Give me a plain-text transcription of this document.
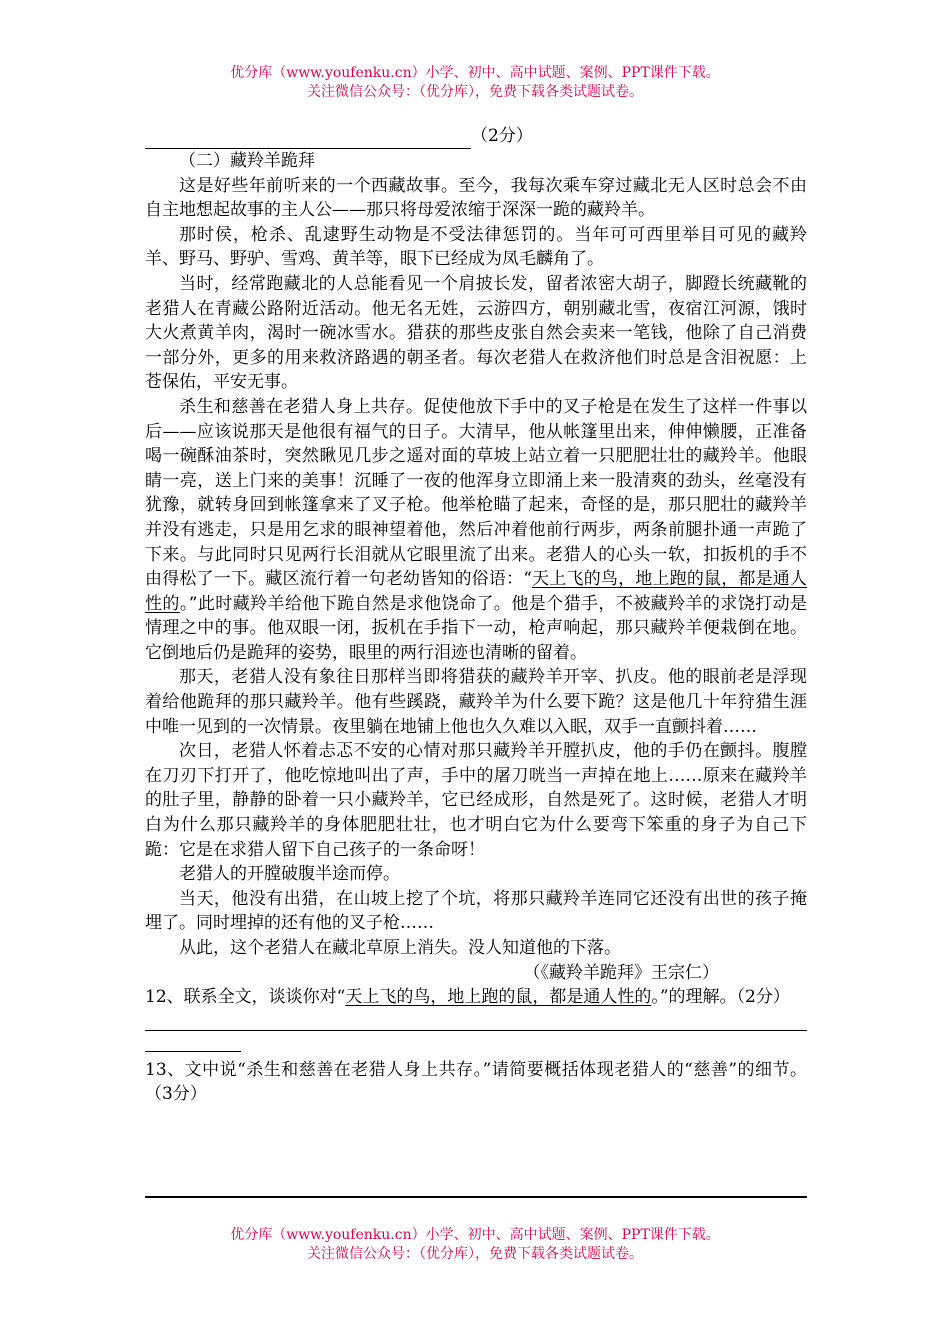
优分库（www.youfenku.cn）小学、初中、高中试题、案例、PPT课件下载。
关注微信公众号：（优分库），免费下载各类试题试卷。
（2分）

（二）藏羚羊跪拜

这是好些年前听来的一个西藏故事。至今，我每次乘车穿过藏北无人区时总会不由自主地想起故事的主人公——那只将母爱浓缩于深深一跪的藏羚羊。

那时侯，枪杀、乱逮野生动物是不受法律惩罚的。当年可可西里举目可见的藏羚羊、野马、野驴、雪鸡、黄羊等，眼下已经成为凤毛麟角了。

当时，经常跑藏北的人总能看见一个肩披长发，留者浓密大胡子，脚蹬长统藏靴的老猎人在青藏公路附近活动。他无名无姓，云游四方，朝别藏北雪，夜宿江河源，饿时大火煮黄羊肉，渴时一碗冰雪水。猎获的那些皮张自然会卖来一笔钱，他除了自己消费一部分外，更多的用来救济路遇的朝圣者。每次老猎人在救济他们时总是含泪祝愿：上苍保佑，平安无事。

杀生和慈善在老猎人身上共存。促使他放下手中的叉子枪是在发生了这样一件事以后——应该说那天是他很有福气的日子。大清早，他从帐篷里出来，伸伸懒腰，正准备喝一碗酥油茶时，突然瞅见几步之遥对面的草坡上站立着一只肥肥壮壮的藏羚羊。他眼睛一亮，送上门来的美事！沉睡了一夜的他浑身立即涌上来一股清爽的劲头，丝毫没有犹豫，就转身回到帐篷拿来了叉子枪。他举枪瞄了起来，奇怪的是，那只肥壮的藏羚羊并没有逃走，只是用乞求的眼神望着他，然后冲着他前行两步，两条前腿扑通一声跪了下来。与此同时只见两行长泪就从它眼里流了出来。老猎人的心头一软，扣扳机的手不由得松了一下。藏区流行着一句老幼皆知的俗语：“天上飞的鸟，地上跑的鼠，都是通人性的。”此时藏羚羊给他下跪自然是求他饶命了。他是个猎手，不被藏羚羊的求饶打动是情理之中的事。他双眼一闭，扳机在手指下一动，枪声响起，那只藏羚羊便栽倒在地。它倒地后仍是跪拜的姿势，眼里的两行泪迹也清晰的留着。

那天，老猎人没有象往日那样当即将猎获的藏羚羊开宰、扒皮。他的眼前老是浮现着给他跪拜的那只藏羚羊。他有些蹊跷，藏羚羊为什么要下跪？这是他几十年狩猎生涯中唯一见到的一次情景。夜里躺在地铺上他也久久难以入眠，双手一直颤抖着……

次日，老猎人怀着忐忑不安的心情对那只藏羚羊开膛扒皮，他的手仍在颤抖。腹膛在刀刃下打开了，他吃惊地叫出了声，手中的屠刀咣当一声掉在地上……原来在藏羚羊的肚子里，静静的卧着一只小藏羚羊，它已经成形，自然是死了。这时候，老猎人才明白为什么那只藏羚羊的身体肥肥壮壮，也才明白它为什么要弯下笨重的身子为自己下跪：它是在求猎人留下自己孩子的一条命呀！

老猎人的开膛破腹半途而停。

当天，他没有出猎，在山坡上挖了个坑，将那只藏羚羊连同它还没有出世的孩子掩埋了。同时埋掉的还有他的叉子枪……

从此，这个老猎人在藏北草原上消失。没人知道他的下落。

（《藏羚羊跪拜》王宗仁）

12、联系全文，谈谈你对“天上飞的鸟，地上跑的鼠，都是通人性的。”的理解。（2分）

13、文中说“杀生和慈善在老猎人身上共存。”请简要概括体现老猎人的“慈善”的细节。（3分）

优分库（www.youfenku.cn）小学、初中、高中试题、案例、PPT课件下载。
关注微信公众号：（优分库），免费下载各类试题试卷。
